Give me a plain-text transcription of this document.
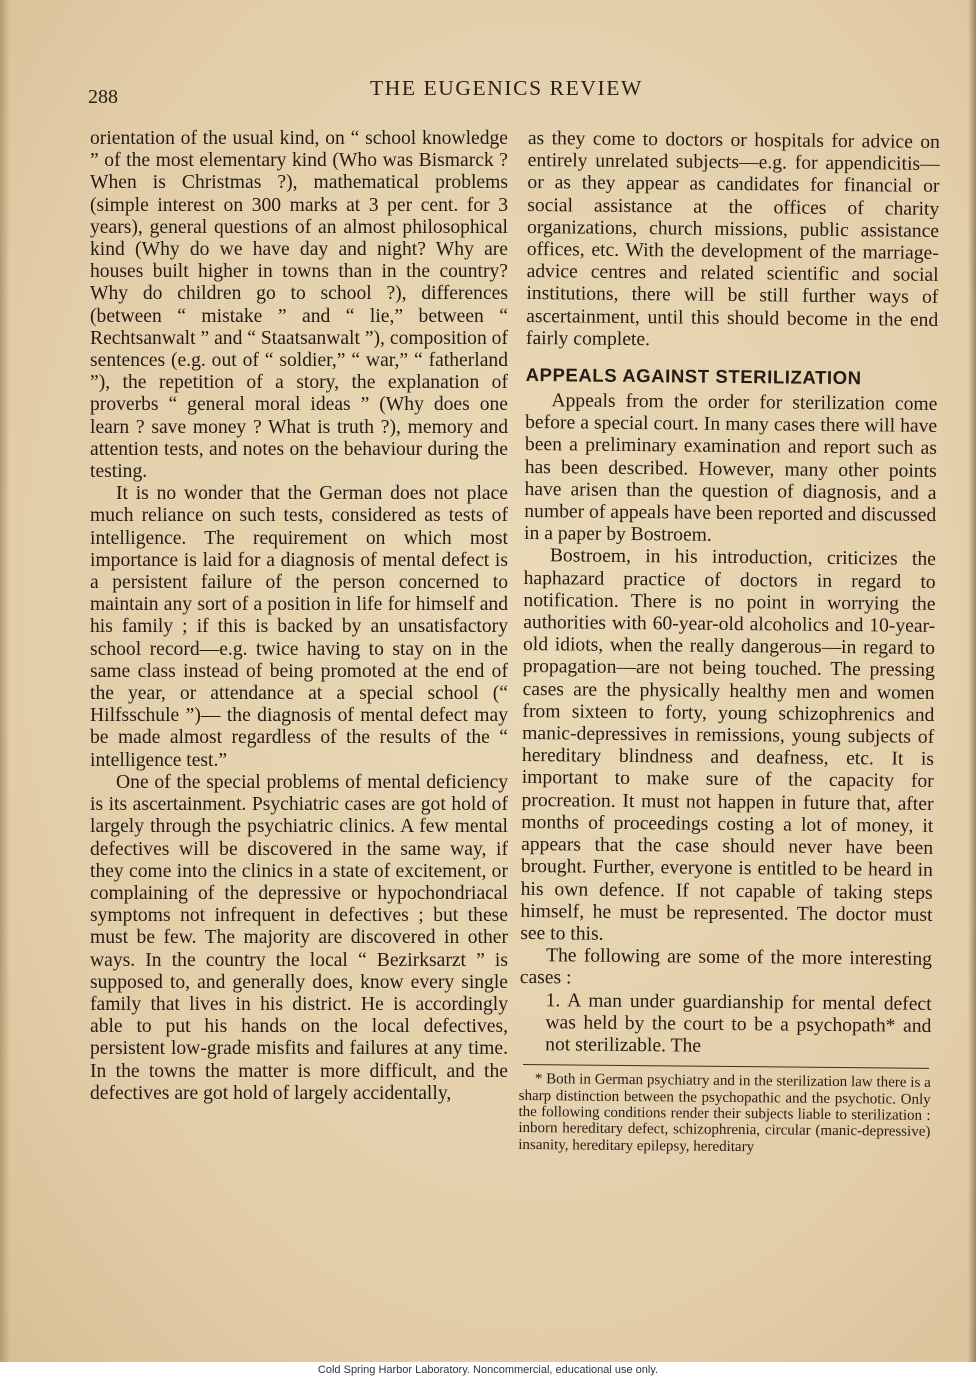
288	THE EUGENICS REVIEW

orientation of the usual kind, on “ school knowledge ” of the most elementary kind (Who was Bismarck ? When is Christmas ?), mathematical problems (simple interest on 300 marks at 3 per cent. for 3 years), general questions of an almost philosophical kind (Why do we have day and night? Why are houses built higher in towns than in the country? Why do children go to school ?), differences (between “ mistake ” and “ lie,” between “ Rechtsanwalt ” and “ Staatsanwalt ”), composition of sentences (e.g. out of “ soldier,” “ war,” “ fatherland ”), the repetition of a story, the explanation of proverbs “ general moral ideas ” (Why does one learn ? save money ? What is truth ?), memory and attention tests, and notes on the behaviour during the testing.

It is no wonder that the German does not place much reliance on such tests, considered as tests of intelligence. The requirement on which most importance is laid for a diagnosis of mental defect is a persistent failure of the person concerned to maintain any sort of a position in life for himself and his family ; if this is backed by an unsatisfactory school record—e.g. twice having to stay on in the same class instead of being promoted at the end of the year, or attendance at a special school (“ Hilfsschule ”)— the diagnosis of mental defect may be made almost regardless of the results of the “ intelligence test.”

One of the special problems of mental deficiency is its ascertainment. Psychiatric cases are got hold of largely through the psychiatric clinics. A few mental defectives will be discovered in the same way, if they come into the clinics in a state of excitement, or complaining of the depressive or hypochondriacal symptoms not infrequent in defectives ; but these must be few. The majority are discovered in other ways. In the country the local “ Bezirksarzt ” is supposed to, and generally does, know every single family that lives in his district. He is accordingly able to put his hands on the local defectives, persistent low-grade misfits and failures at any time. In the towns the matter is more difficult, and the defectives are got hold of largely accidentally,

as they come to doctors or hospitals for advice on entirely unrelated subjects—e.g. for appendicitis—or as they appear as candidates for financial or social assistance at the offices of charity organizations, church missions, public assistance offices, etc. With the development of the marriage-advice centres and related scientific and social institutions, there will be still further ways of ascertainment, until this should become in the end fairly complete.

APPEALS AGAINST STERILIZATION

Appeals from the order for sterilization come before a special court. In many cases there will have been a preliminary examination and report such as has been described. However, many other points have arisen than the question of diagnosis, and a number of appeals have been reported and discussed in a paper by Bostroem.

Bostroem, in his introduction, criticizes the haphazard practice of doctors in regard to notification. There is no point in worrying the authorities with 60-year-old alcoholics and 10-year-old idiots, when the really dangerous—in regard to propagation—are not being touched. The pressing cases are the physically healthy men and women from sixteen to forty, young schizophrenics and manic-depressives in remissions, young subjects of hereditary blindness and deafness, etc. It is important to make sure of the capacity for procreation. It must not happen in future that, after months of proceedings costing a lot of money, it appears that the case should never have been brought. Further, everyone is entitled to be heard in his own defence. If not capable of taking steps himself, he must be represented. The doctor must see to this.

The following are some of the more interesting cases :

1. A man under guardianship for mental defect was held by the court to be a psychopath* and not sterilizable. The

* Both in German psychiatry and in the sterilization law there is a sharp distinction between the psychopathic and the psychotic. Only the following conditions render their subjects liable to sterilization : inborn hereditary defect, schizophrenia, circular (manic-depressive) insanity, hereditary epilepsy, hereditary

Cold Spring Harbor Laboratory. Noncommercial, educational use only.
